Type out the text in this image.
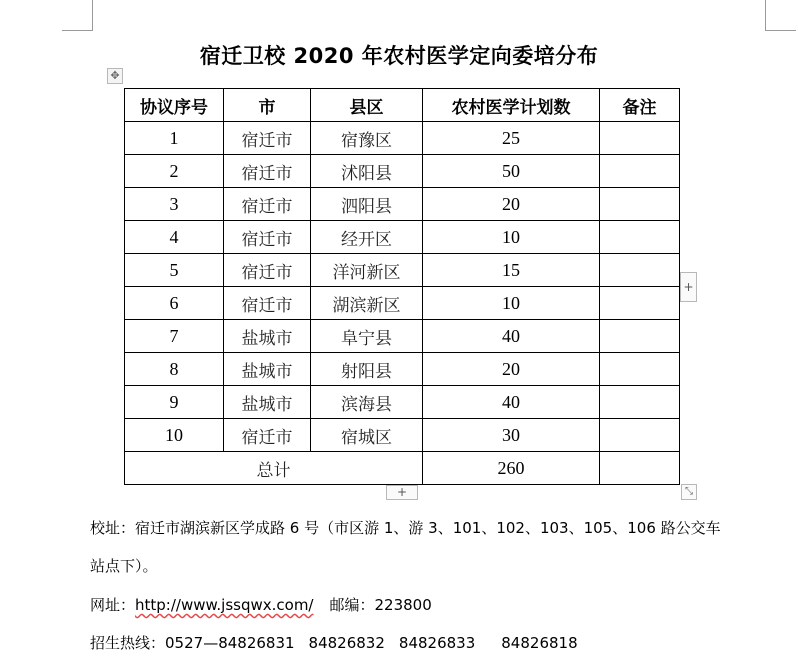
宿迁卫校 2020 年农村医学定向委培分布
✥
协议序号	市	县区	农村医学计划数	备注
1	宿迁市	宿豫区	25	
2	宿迁市	沭阳县	50	
3	宿迁市	泗阳县	20	
4	宿迁市	经开区	10	
5	宿迁市	洋河新区	15	
6	宿迁市	湖滨新区	10	
7	盐城市	阜宁县	40	
8	盐城市	射阳县	20	
9	盐城市	滨海县	40	
10	宿迁市	宿城区	30	
总计			260	
+
+	⤡
校址：宿迁市湖滨新区学成路 6 号（市区游 1、游 3、101、102、103、105、106 路公交车
站点下）。
网址：http://www.jssqwx.com/ 邮编：223800
招生热线：0527—84826831 84826832 84826833 84826818
